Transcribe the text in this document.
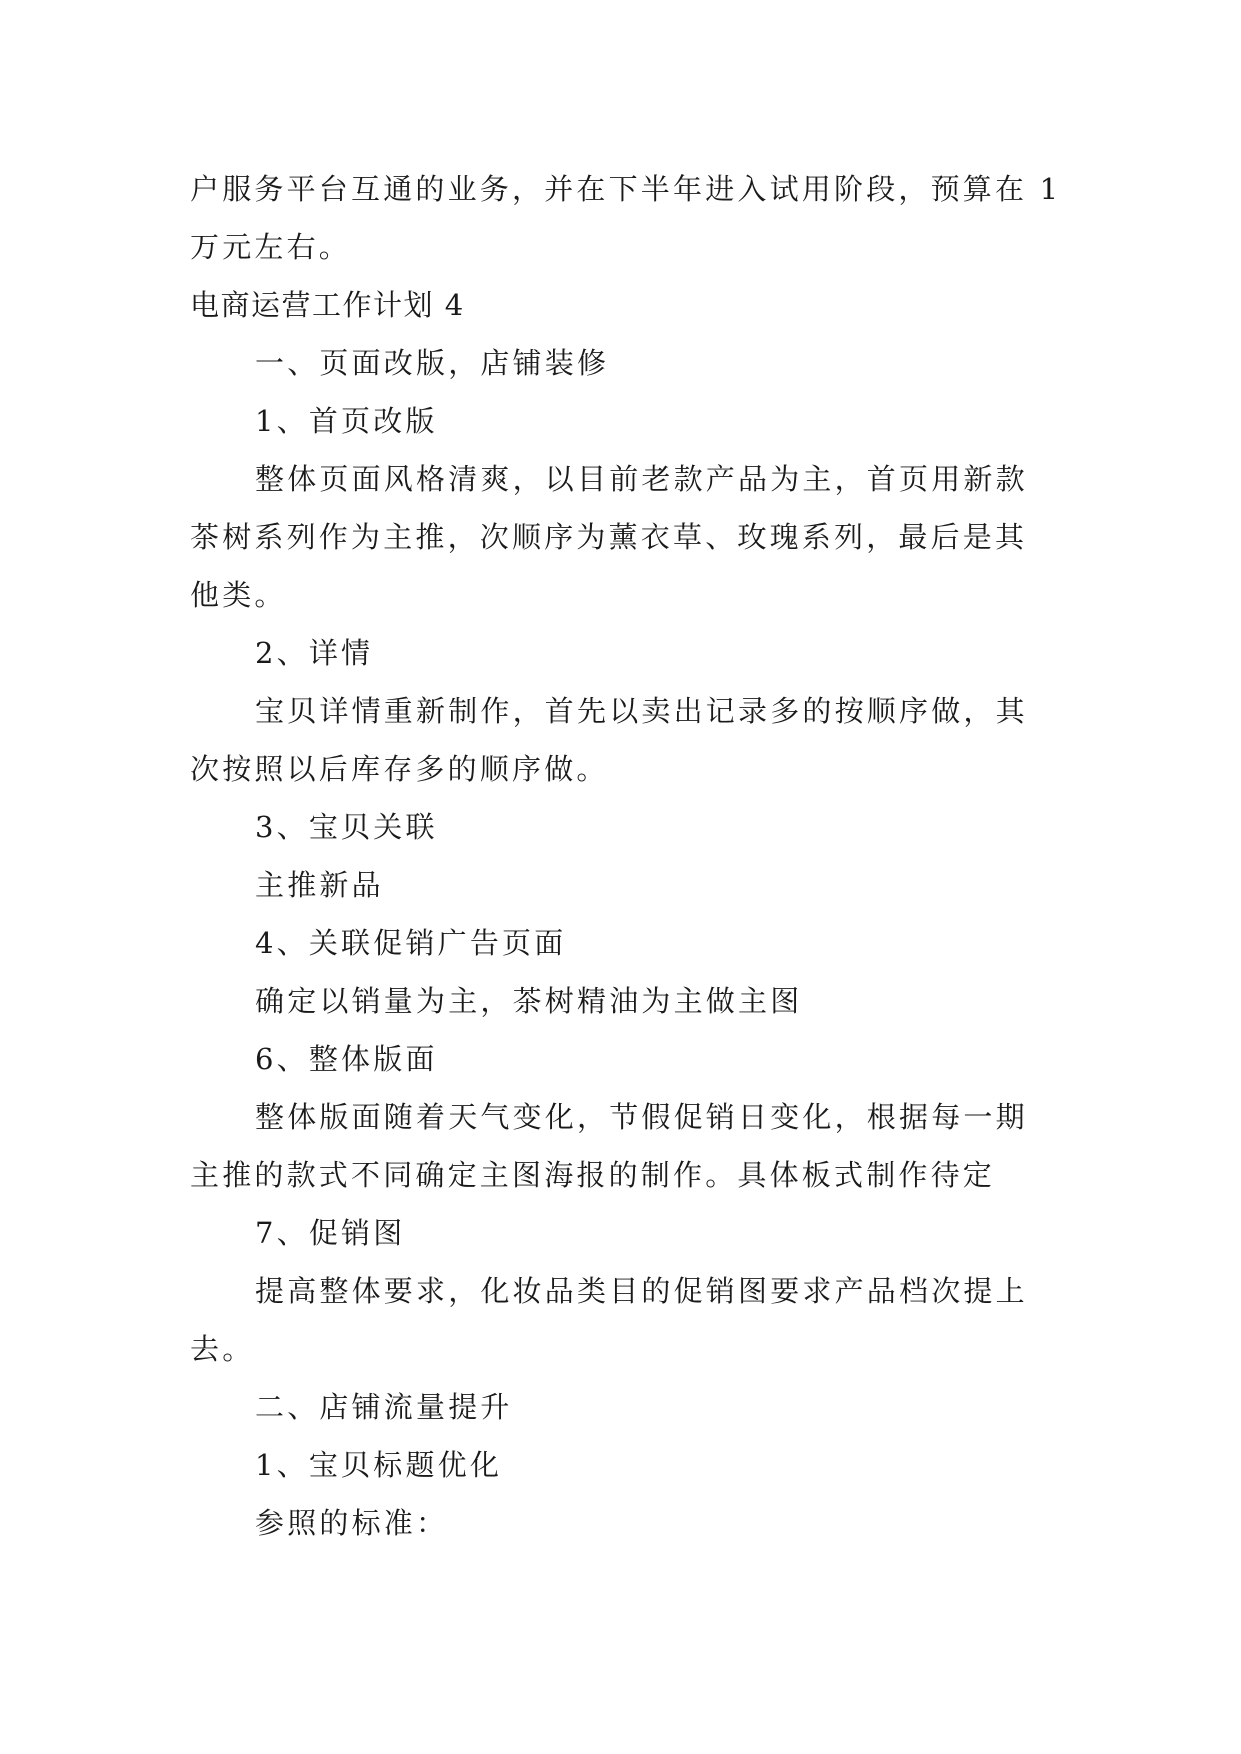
户服务平台互通的业务，并在下半年进入试用阶段，预算在 1
万元左右。
电商运营工作计划 4
一、页面改版，店铺装修
1、首页改版
整体页面风格清爽，以目前老款产品为主，首页用新款
茶树系列作为主推，次顺序为薰衣草、玫瑰系列，最后是其
他类。
2、详情
宝贝详情重新制作，首先以卖出记录多的按顺序做，其
次按照以后库存多的顺序做。
3、宝贝关联
主推新品
4、关联促销广告页面
确定以销量为主，茶树精油为主做主图
6、整体版面
整体版面随着天气变化，节假促销日变化，根据每一期
主推的款式不同确定主图海报的制作。具体板式制作待定
7、促销图
提高整体要求，化妆品类目的促销图要求产品档次提上
去。
二、店铺流量提升
1、宝贝标题优化
参照的标准：
